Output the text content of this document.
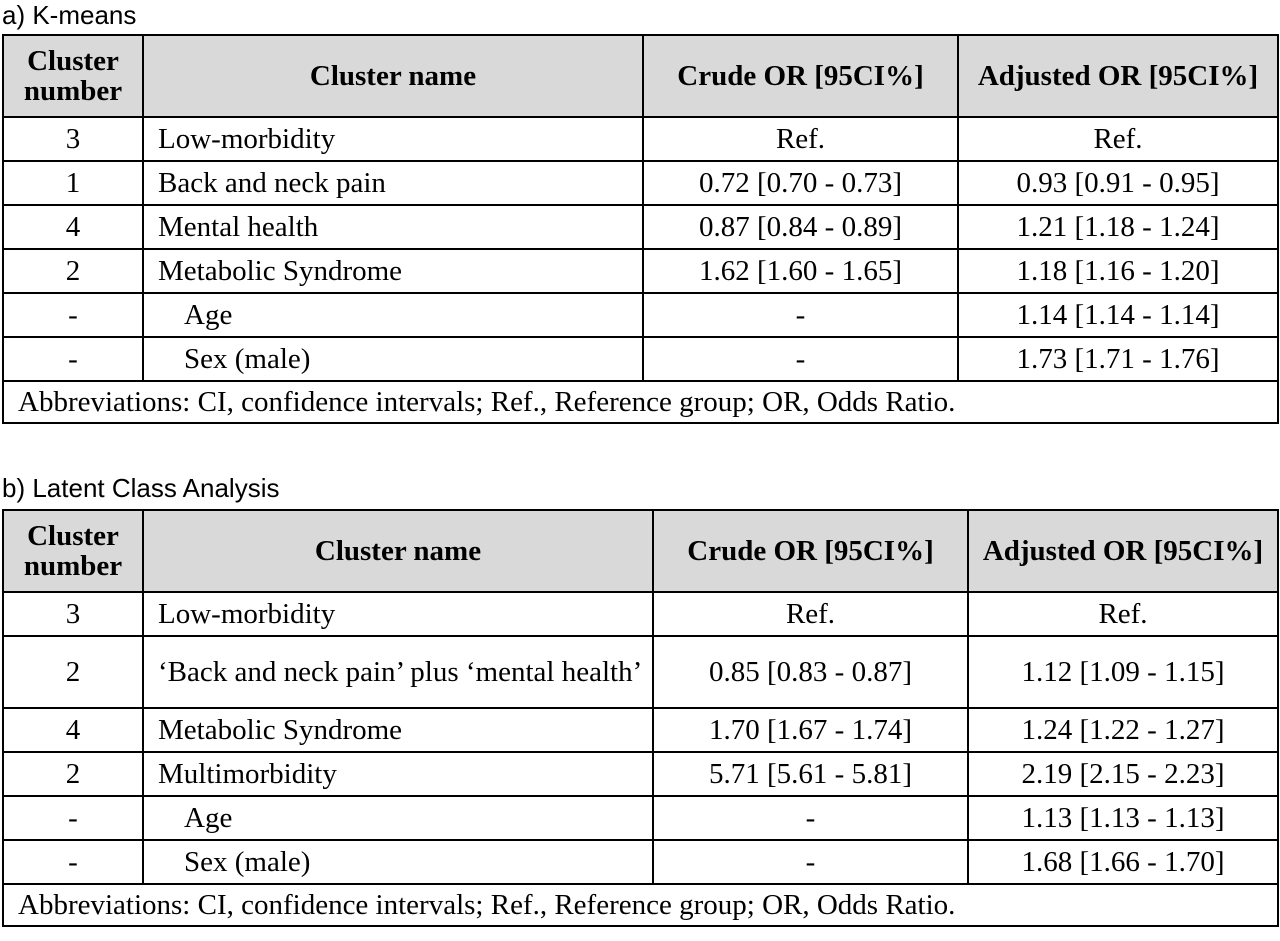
a) K-means
Cluster number	Cluster name	Crude OR [95CI%]	Adjusted OR [95CI%]
3	Low-morbidity	Ref.	Ref.
1	Back and neck pain	0.72 [0.70 - 0.73]	0.93 [0.91 - 0.95]
4	Mental health	0.87 [0.84 - 0.89]	1.21 [1.18 - 1.24]
2	Metabolic Syndrome	1.62 [1.60 - 1.65]	1.18 [1.16 - 1.20]
-	Age	-	1.14 [1.14 - 1.14]
-	Sex (male)	-	1.73 [1.71 - 1.76]
Abbreviations: CI, confidence intervals; Ref., Reference group; OR, Odds Ratio.			
b) Latent Class Analysis
Cluster number	Cluster name	Crude OR [95CI%]	Adjusted OR [95CI%]
3	Low-morbidity	Ref.	Ref.
2	‘Back and neck pain’ plus ‘mental health’	0.85 [0.83 - 0.87]	1.12 [1.09 - 1.15]
4	Metabolic Syndrome	1.70 [1.67 - 1.74]	1.24 [1.22 - 1.27]
2	Multimorbidity	5.71 [5.61 - 5.81]	2.19 [2.15 - 2.23]
-	Age	-	1.13 [1.13 - 1.13]
-	Sex (male)	-	1.68 [1.66 - 1.70]
Abbreviations: CI, confidence intervals; Ref., Reference group; OR, Odds Ratio.			
